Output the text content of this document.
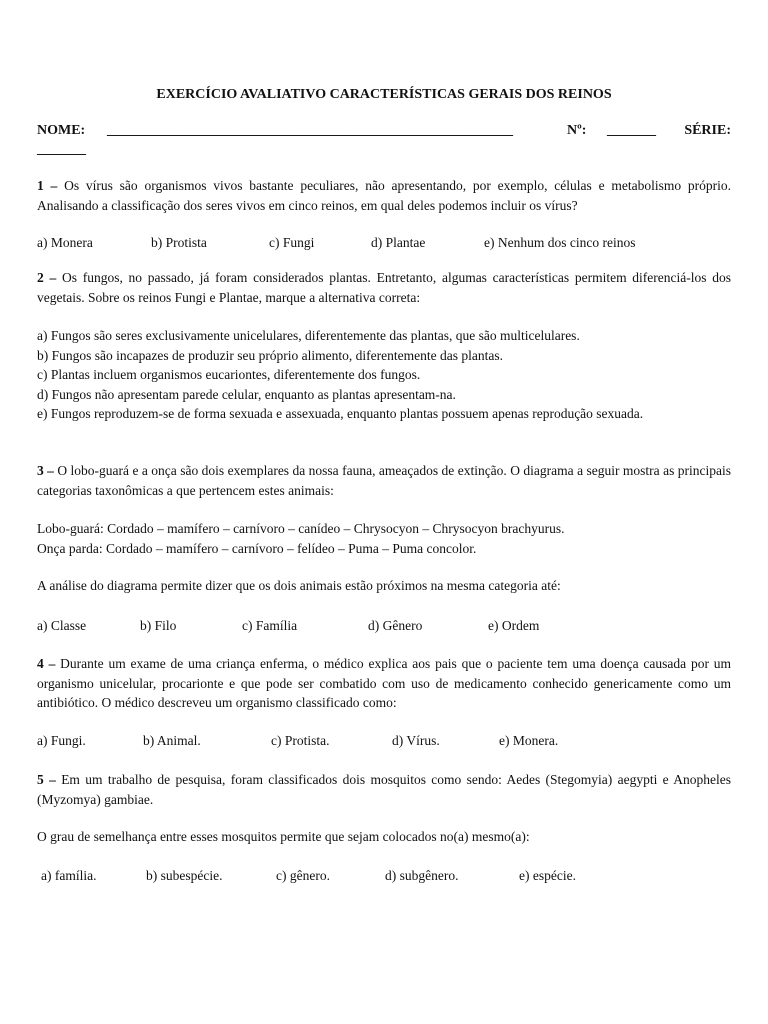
EXERCÍCIO AVALIATIVO CARACTERÍSTICAS GERAIS DOS REINOS

NOME: __________________________________________________________	Nº: _______ SÉRIE:
_______

1 – Os vírus são organismos vivos bastante peculiares, não apresentando, por exemplo, células e metabolismo próprio. Analisando a classificação dos seres vivos em cinco reinos, em qual deles podemos incluir os vírus?

a) Monera	b) Protista	c) Fungi	d) Plantae	e) Nenhum dos cinco reinos

2 – Os fungos, no passado, já foram considerados plantas. Entretanto, algumas características permitem diferenciá-los dos vegetais. Sobre os reinos Fungi e Plantae, marque a alternativa correta:

a) Fungos são seres exclusivamente unicelulares, diferentemente das plantas, que são multicelulares.
b) Fungos são incapazes de produzir seu próprio alimento, diferentemente das plantas.
c) Plantas incluem organismos eucariontes, diferentemente dos fungos.
d) Fungos não apresentam parede celular, enquanto as plantas apresentam-na.
e) Fungos reproduzem-se de forma sexuada e assexuada, enquanto plantas possuem apenas reprodução sexuada.

3 – O lobo-guará e a onça são dois exemplares da nossa fauna, ameaçados de extinção. O diagrama a seguir mostra as principais categorias taxonômicas a que pertencem estes animais:

Lobo-guará: Cordado – mamífero – carnívoro – canídeo – Chrysocyon – Chrysocyon brachyurus.
Onça parda: Cordado – mamífero – carnívoro – felídeo – Puma – Puma concolor.

A análise do diagrama permite dizer que os dois animais estão próximos na mesma categoria até:

a) Classe	b) Filo	c) Família	d) Gênero	e) Ordem

4 – Durante um exame de uma criança enferma, o médico explica aos pais que o paciente tem uma doença causada por um organismo unicelular, procarionte e que pode ser combatido com uso de medicamento conhecido genericamente como um antibiótico. O médico descreveu um organismo classificado como:

a) Fungi.	b) Animal.	c) Protista.	d) Vírus.	e) Monera.

5 – Em um trabalho de pesquisa, foram classificados dois mosquitos como sendo: Aedes (Stegomyia) aegypti e Anopheles (Myzomya) gambiae.

O grau de semelhança entre esses mosquitos permite que sejam colocados no(a) mesmo(a):

a) família.	b) subespécie.	c) gênero.	d) subgênero.	e) espécie.
